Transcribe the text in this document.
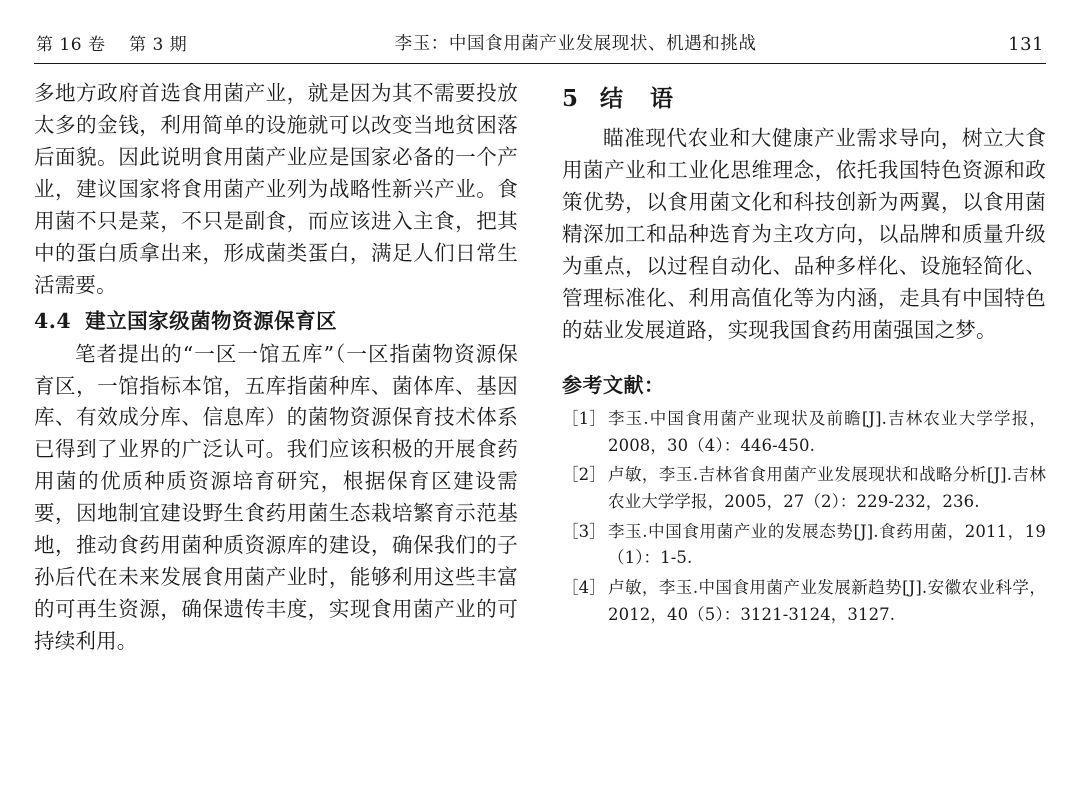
第 16 卷    第 3 期	李玉：中国食用菌产业发展现状、机遇和挑战	131

多地方政府首选食用菌产业，就是因为其不需要投放太多的金钱，利用简单的设施就可以改变当地贫困落后面貌。因此说明食用菌产业应是国家必备的一个产业，建议国家将食用菌产业列为战略性新兴产业。食用菌不只是菜，不只是副食，而应该进入主食，把其中的蛋白质拿出来，形成菌类蛋白，满足人们日常生活需要。

4.4 建立国家级菌物资源保育区

笔者提出的“一区一馆五库”（一区指菌物资源保育区，一馆指标本馆，五库指菌种库、菌体库、基因库、有效成分库、信息库）的菌物资源保育技术体系已得到了业界的广泛认可。我们应该积极的开展食药用菌的优质种质资源培育研究，根据保育区建设需要，因地制宜建设野生食药用菌生态栽培繁育示范基地，推动食药用菌种质资源库的建设，确保我们的子孙后代在未来发展食用菌产业时，能够利用这些丰富的可再生资源，确保遗传丰度，实现食用菌产业的可持续利用。

5 结　语

瞄准现代农业和大健康产业需求导向，树立大食用菌产业和工业化思维理念，依托我国特色资源和政策优势，以食用菌文化和科技创新为两翼，以食用菌精深加工和品种选育为主攻方向，以品牌和质量升级为重点，以过程自动化、品种多样化、设施轻简化、管理标准化、利用高值化等为内涵，走具有中国特色的菇业发展道路，实现我国食药用菌强国之梦。

参考文献：
［1］ 李玉.中国食用菌产业现状及前瞻[J].吉林农业大学学报，2008，30（4）：446-450.
［2］ 卢敏，李玉.吉林省食用菌产业发展现状和战略分析[J].吉林农业大学学报，2005，27（2）：229-232，236.
［3］ 李玉.中国食用菌产业的发展态势[J].食药用菌，2011，19（1）：1-5.
［4］ 卢敏，李玉.中国食用菌产业发展新趋势[J].安徽农业科学，2012，40（5）：3121-3124，3127.
